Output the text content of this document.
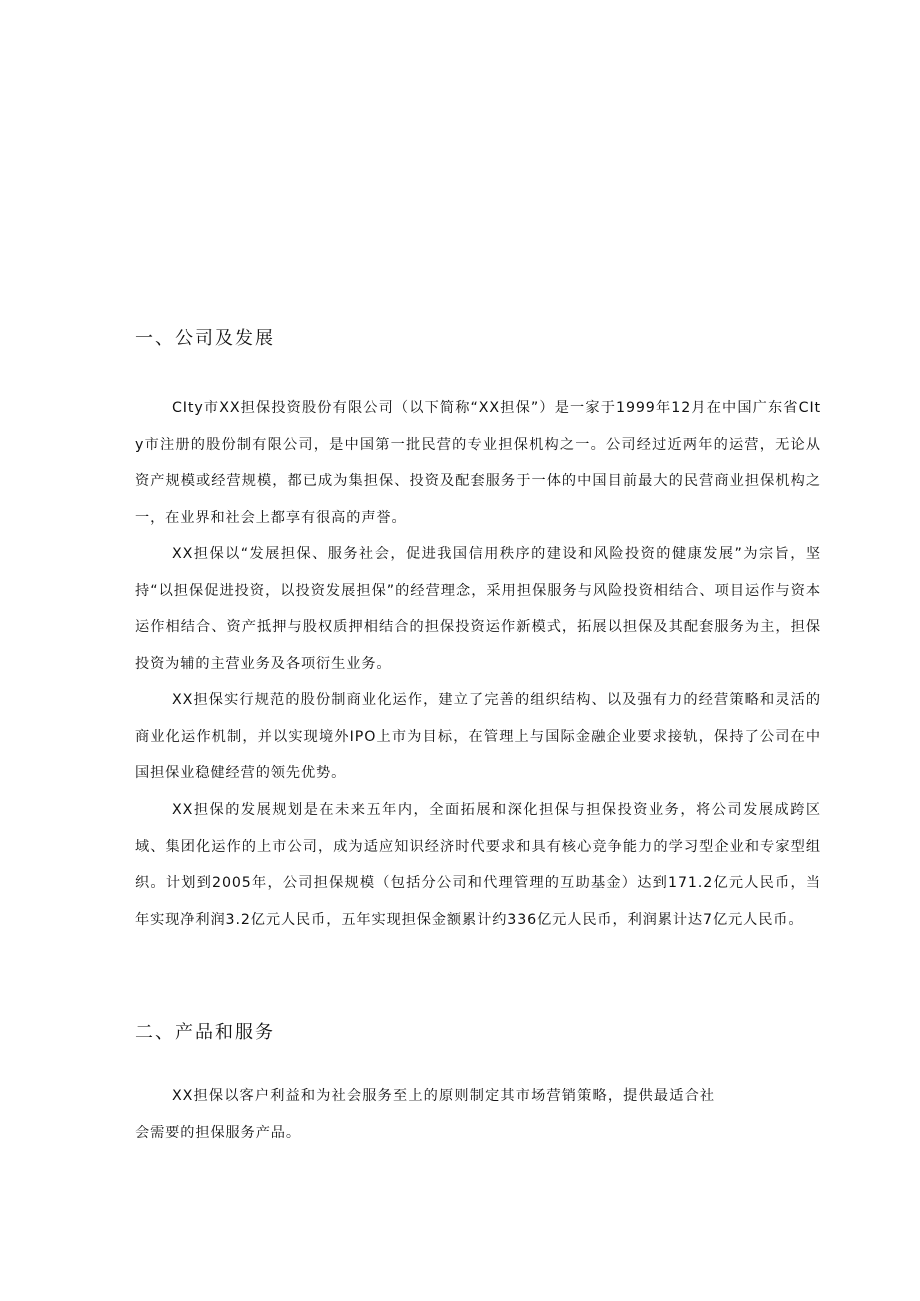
一、公司及发展

CIty市XX担保投资股份有限公司（以下简称“XX担保”）是一家于1999年12月在中国广东省CIty市注册的股份制有限公司，是中国第一批民营的专业担保机构之一。公司经过近两年的运营，无论从资产规模或经营规模，都已成为集担保、投资及配套服务于一体的中国目前最大的民营商业担保机构之一，在业界和社会上都享有很高的声誉。

XX担保以“发展担保、服务社会，促进我国信用秩序的建设和风险投资的健康发展”为宗旨，坚持“以担保促进投资，以投资发展担保”的经营理念，采用担保服务与风险投资相结合、项目运作与资本运作相结合、资产抵押与股权质押相结合的担保投资运作新模式，拓展以担保及其配套服务为主，担保投资为辅的主营业务及各项衍生业务。

XX担保实行规范的股份制商业化运作，建立了完善的组织结构、以及强有力的经营策略和灵活的商业化运作机制，并以实现境外IPO上市为目标，在管理上与国际金融企业要求接轨，保持了公司在中国担保业稳健经营的领先优势。

XX担保的发展规划是在未来五年内，全面拓展和深化担保与担保投资业务，将公司发展成跨区域、集团化运作的上市公司，成为适应知识经济时代要求和具有核心竞争能力的学习型企业和专家型组织。计划到2005年，公司担保规模（包括分公司和代理管理的互助基金）达到171.2亿元人民币，当年实现净利润3.2亿元人民币，五年实现担保金额累计约336亿元人民币，利润累计达7亿元人民币。

二、产品和服务

XX担保以客户利益和为社会服务至上的原则制定其市场营销策略，提供最适合社会需要的担保服务产品。
